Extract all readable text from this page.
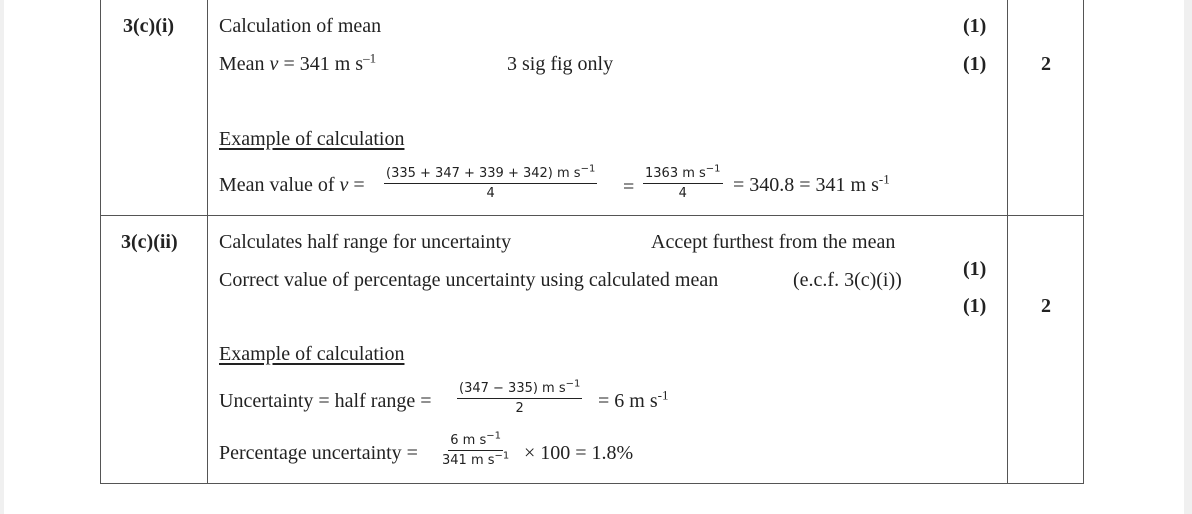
3(c)(i) Calculation of mean	(1)
Mean v = 341 m $s^{-1}$	3 sig fig only	(1)	2
Example of calculation
Mean value of $v = \frac{(335 + 347 + 339 + 342) m s^{-1}}{4} = \frac{1363 m s^{-1}}{4} = 340.8 = 341$ m $s^{-1}$
3(c)(ii) Calculates half range for uncertainty	Accept furthest from the mean
(1)
Correct value of percentage uncertainty using calculated mean	(e.c.f. 3(c)(i))
(1)	2
Example of calculation
Uncertainty = half range = $\frac{(347 - 335) m s^{-1}}{2} = 6$ m $s^{-1}$
Percentage uncertainty = $\frac{6 m s^{-1}}{341 m s^{-1}} \times 100 = 1.8\%$
